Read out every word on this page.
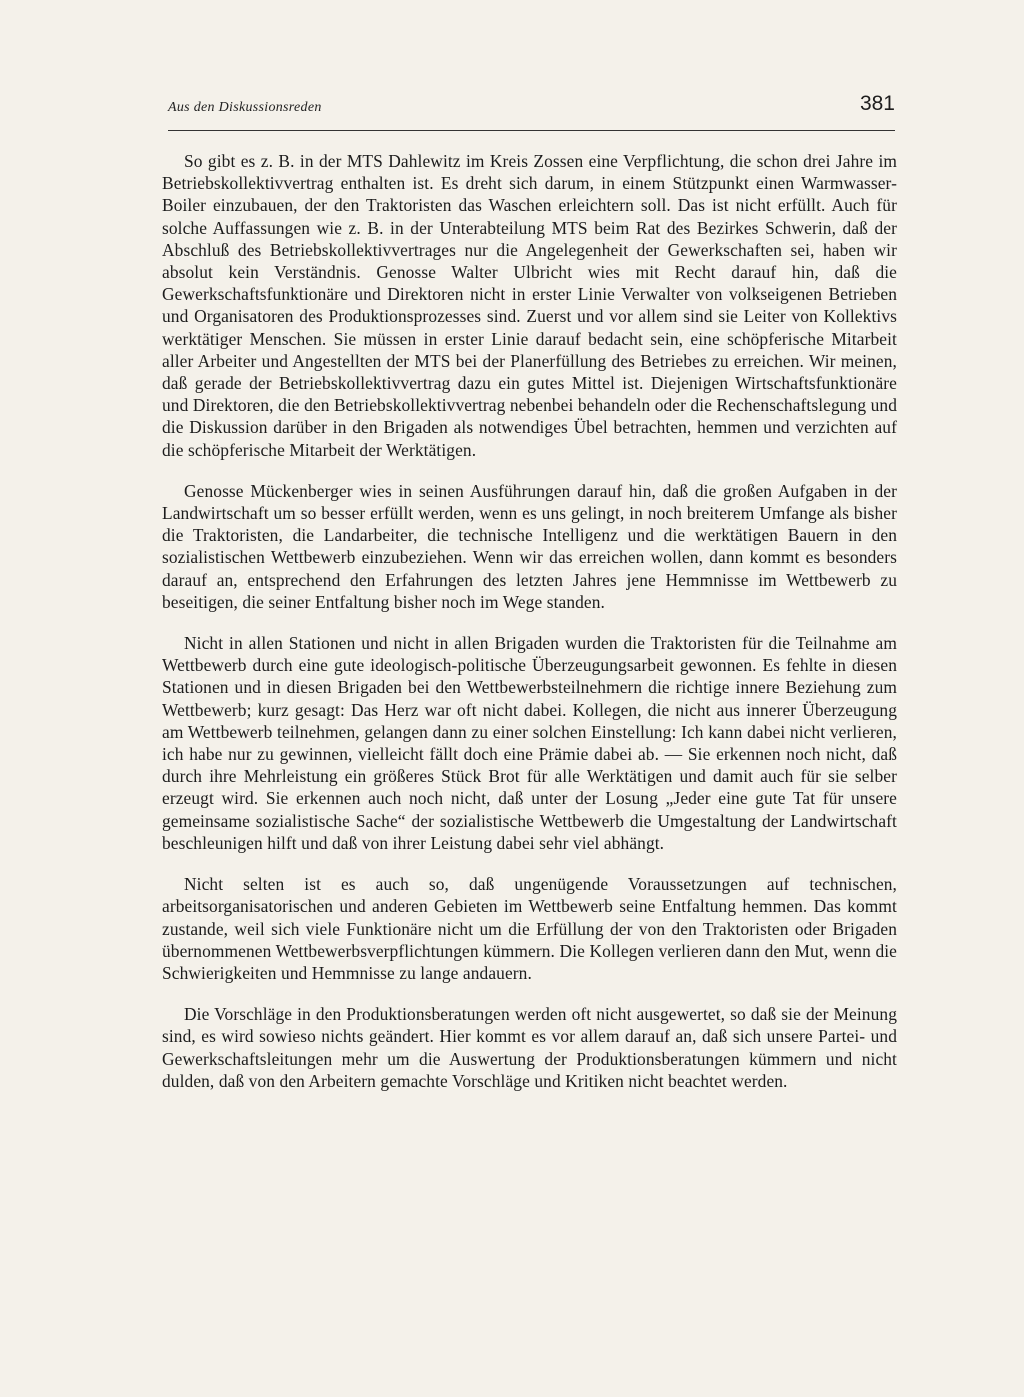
Aus den Diskussionsreden	381

So gibt es z. B. in der MTS Dahlewitz im Kreis Zossen eine Verpflichtung, die schon drei Jahre im Betriebskollektivvertrag enthalten ist. Es dreht sich darum, in einem Stützpunkt einen Warmwasser-Boiler einzubauen, der den Traktoristen das Waschen erleichtern soll. Das ist nicht erfüllt. Auch für solche Auffassungen wie z. B. in der Unterabteilung MTS beim Rat des Bezirkes Schwerin, daß der Abschluß des Betriebskollektivvertrages nur die Angelegenheit der Gewerkschaften sei, haben wir absolut kein Verständnis. Genosse Walter Ulbricht wies mit Recht darauf hin, daß die Gewerkschaftsfunktionäre und Direktoren nicht in erster Linie Verwalter von volkseigenen Betrieben und Organisatoren des Produktionsprozesses sind. Zuerst und vor allem sind sie Leiter von Kollektivs werktätiger Menschen. Sie müssen in erster Linie darauf bedacht sein, eine schöpferische Mitarbeit aller Arbeiter und Angestellten der MTS bei der Planerfüllung des Betriebes zu erreichen. Wir meinen, daß gerade der Betriebskollektivvertrag dazu ein gutes Mittel ist. Diejenigen Wirtschaftsfunktionäre und Direktoren, die den Betriebskollektivvertrag nebenbei behandeln oder die Rechenschaftslegung und die Diskussion darüber in den Brigaden als notwendiges Übel betrachten, hemmen und verzichten auf die schöpferische Mitarbeit der Werktätigen.

Genosse Mückenberger wies in seinen Ausführungen darauf hin, daß die großen Aufgaben in der Landwirtschaft um so besser erfüllt werden, wenn es uns gelingt, in noch breiterem Umfange als bisher die Traktoristen, die Landarbeiter, die technische Intelligenz und die werktätigen Bauern in den sozialistischen Wettbewerb einzubeziehen. Wenn wir das erreichen wollen, dann kommt es besonders darauf an, entsprechend den Erfahrungen des letzten Jahres jene Hemmnisse im Wettbewerb zu beseitigen, die seiner Entfaltung bisher noch im Wege standen.

Nicht in allen Stationen und nicht in allen Brigaden wurden die Traktoristen für die Teilnahme am Wettbewerb durch eine gute ideologisch-politische Überzeugungsarbeit gewonnen. Es fehlte in diesen Stationen und in diesen Brigaden bei den Wettbewerbsteilnehmern die richtige innere Beziehung zum Wettbewerb; kurz gesagt: Das Herz war oft nicht dabei. Kollegen, die nicht aus innerer Überzeugung am Wettbewerb teilnehmen, gelangen dann zu einer solchen Einstellung: Ich kann dabei nicht verlieren, ich habe nur zu gewinnen, vielleicht fällt doch eine Prämie dabei ab. — Sie erkennen noch nicht, daß durch ihre Mehrleistung ein größeres Stück Brot für alle Werktätigen und damit auch für sie selber erzeugt wird. Sie erkennen auch noch nicht, daß unter der Losung „Jeder eine gute Tat für unsere gemeinsame sozialistische Sache“ der sozialistische Wettbewerb die Umgestaltung der Landwirtschaft beschleunigen hilft und daß von ihrer Leistung dabei sehr viel abhängt.

Nicht selten ist es auch so, daß ungenügende Voraussetzungen auf technischen, arbeitsorganisatorischen und anderen Gebieten im Wettbewerb seine Entfaltung hemmen. Das kommt zustande, weil sich viele Funktionäre nicht um die Erfüllung der von den Traktoristen oder Brigaden übernommenen Wettbewerbsverpflichtungen kümmern. Die Kollegen verlieren dann den Mut, wenn die Schwierigkeiten und Hemmnisse zu lange andauern.

Die Vorschläge in den Produktionsberatungen werden oft nicht ausgewertet, so daß sie der Meinung sind, es wird sowieso nichts geändert. Hier kommt es vor allem darauf an, daß sich unsere Partei- und Gewerkschaftsleitungen mehr um die Auswertung der Produktionsberatungen kümmern und nicht dulden, daß von den Arbeitern gemachte Vorschläge und Kritiken nicht beachtet werden.
